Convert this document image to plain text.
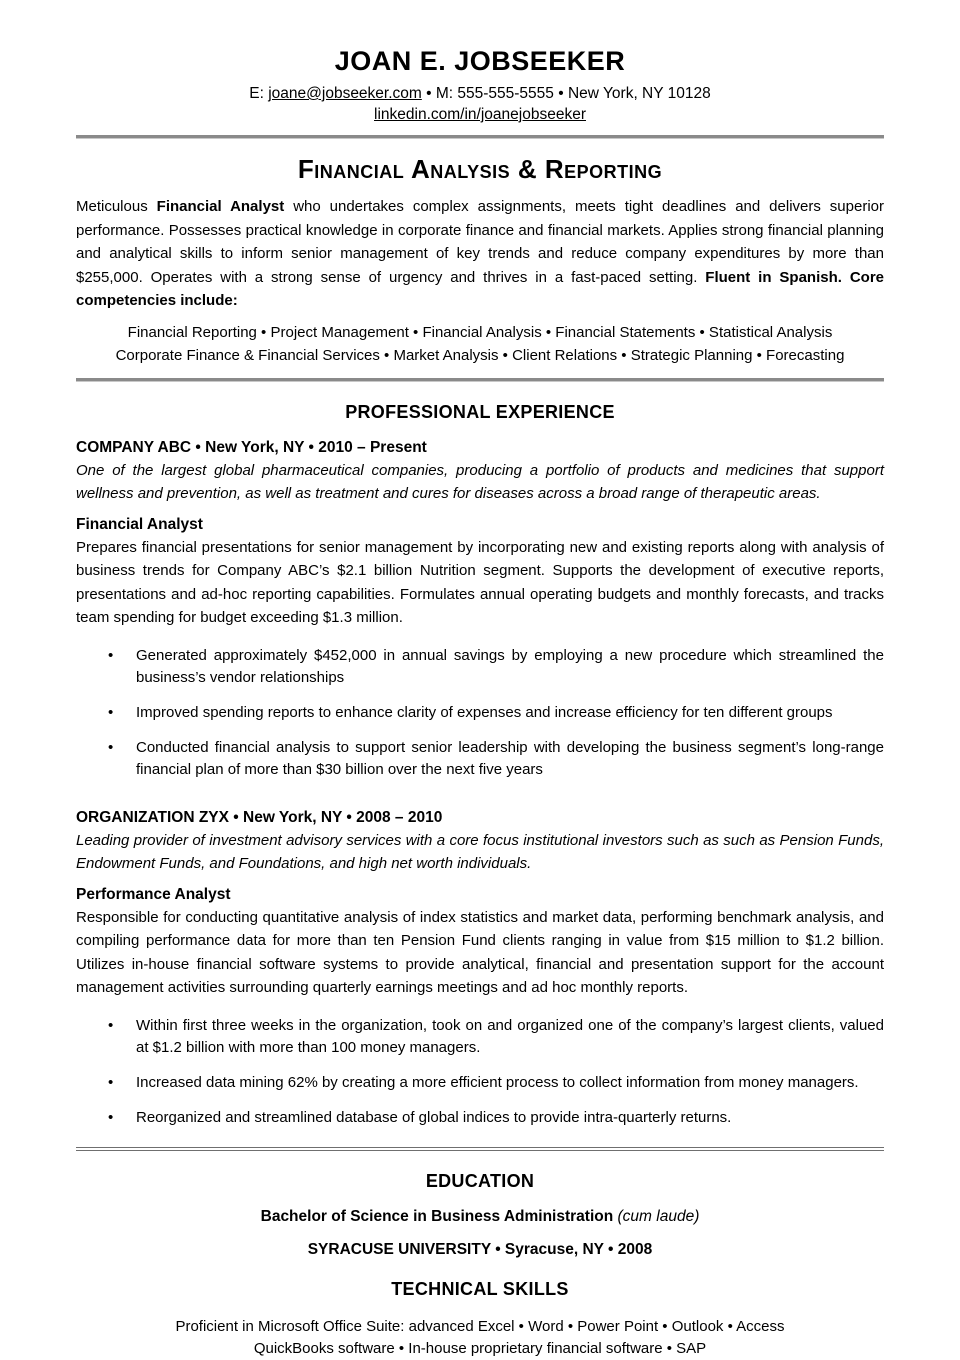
JOAN E. JOBSEEKER
E: joane@jobseeker.com • M: 555-555-5555 • New York, NY 10128
linkedin.com/in/joanejobseeker
Financial Analysis & Reporting

Meticulous Financial Analyst who undertakes complex assignments, meets tight deadlines and delivers superior performance. Possesses practical knowledge in corporate finance and financial markets. Applies strong financial planning and analytical skills to inform senior management of key trends and reduce company expenditures by more than $255,000. Operates with a strong sense of urgency and thrives in a fast-paced setting. Fluent in Spanish. Core competencies include:

Financial Reporting • Project Management • Financial Analysis • Financial Statements • Statistical Analysis
Corporate Finance & Financial Services • Market Analysis • Client Relations • Strategic Planning • Forecasting
PROFESSIONAL EXPERIENCE

COMPANY ABC • New York, NY • 2010 – Present

One of the largest global pharmaceutical companies, producing a portfolio of products and medicines that support wellness and prevention, as well as treatment and cures for diseases across a broad range of therapeutic areas.

Financial Analyst

Prepares financial presentations for senior management by incorporating new and existing reports along with analysis of business trends for Company ABC’s $2.1 billion Nutrition segment. Supports the development of executive reports, presentations and ad-hoc reporting capabilities. Formulates annual operating budgets and monthly forecasts, and tracks team spending for budget exceeding $1.3 million.

• Generated approximately $452,000 in annual savings by employing a new procedure which streamlined the business’s vendor relationships
• Improved spending reports to enhance clarity of expenses and increase efficiency for ten different groups
• Conducted financial analysis to support senior leadership with developing the business segment’s long-range financial plan of more than $30 billion over the next five years

ORGANIZATION ZYX • New York, NY • 2008 – 2010

Leading provider of investment advisory services with a core focus institutional investors such as such as Pension Funds, Endowment Funds, and Foundations, and high net worth individuals.

Performance Analyst

Responsible for conducting quantitative analysis of index statistics and market data, performing benchmark analysis, and compiling performance data for more than ten Pension Fund clients ranging in value from $15 million to $1.2 billion. Utilizes in-house financial software systems to provide analytical, financial and presentation support for the account management activities surrounding quarterly earnings meetings and ad hoc monthly reports.

• Within first three weeks in the organization, took on and organized one of the company’s largest clients, valued at $1.2 billion with more than 100 money managers.
• Increased data mining 62% by creating a more efficient process to collect information from money managers.
• Reorganized and streamlined database of global indices to provide intra-quarterly returns.
EDUCATION

Bachelor of Science in Business Administration (cum laude)

SYRACUSE UNIVERSITY • Syracuse, NY • 2008

TECHNICAL SKILLS
Proficient in Microsoft Office Suite: advanced Excel • Word • Power Point • Outlook • Access
QuickBooks software • In-house proprietary financial software • SAP
